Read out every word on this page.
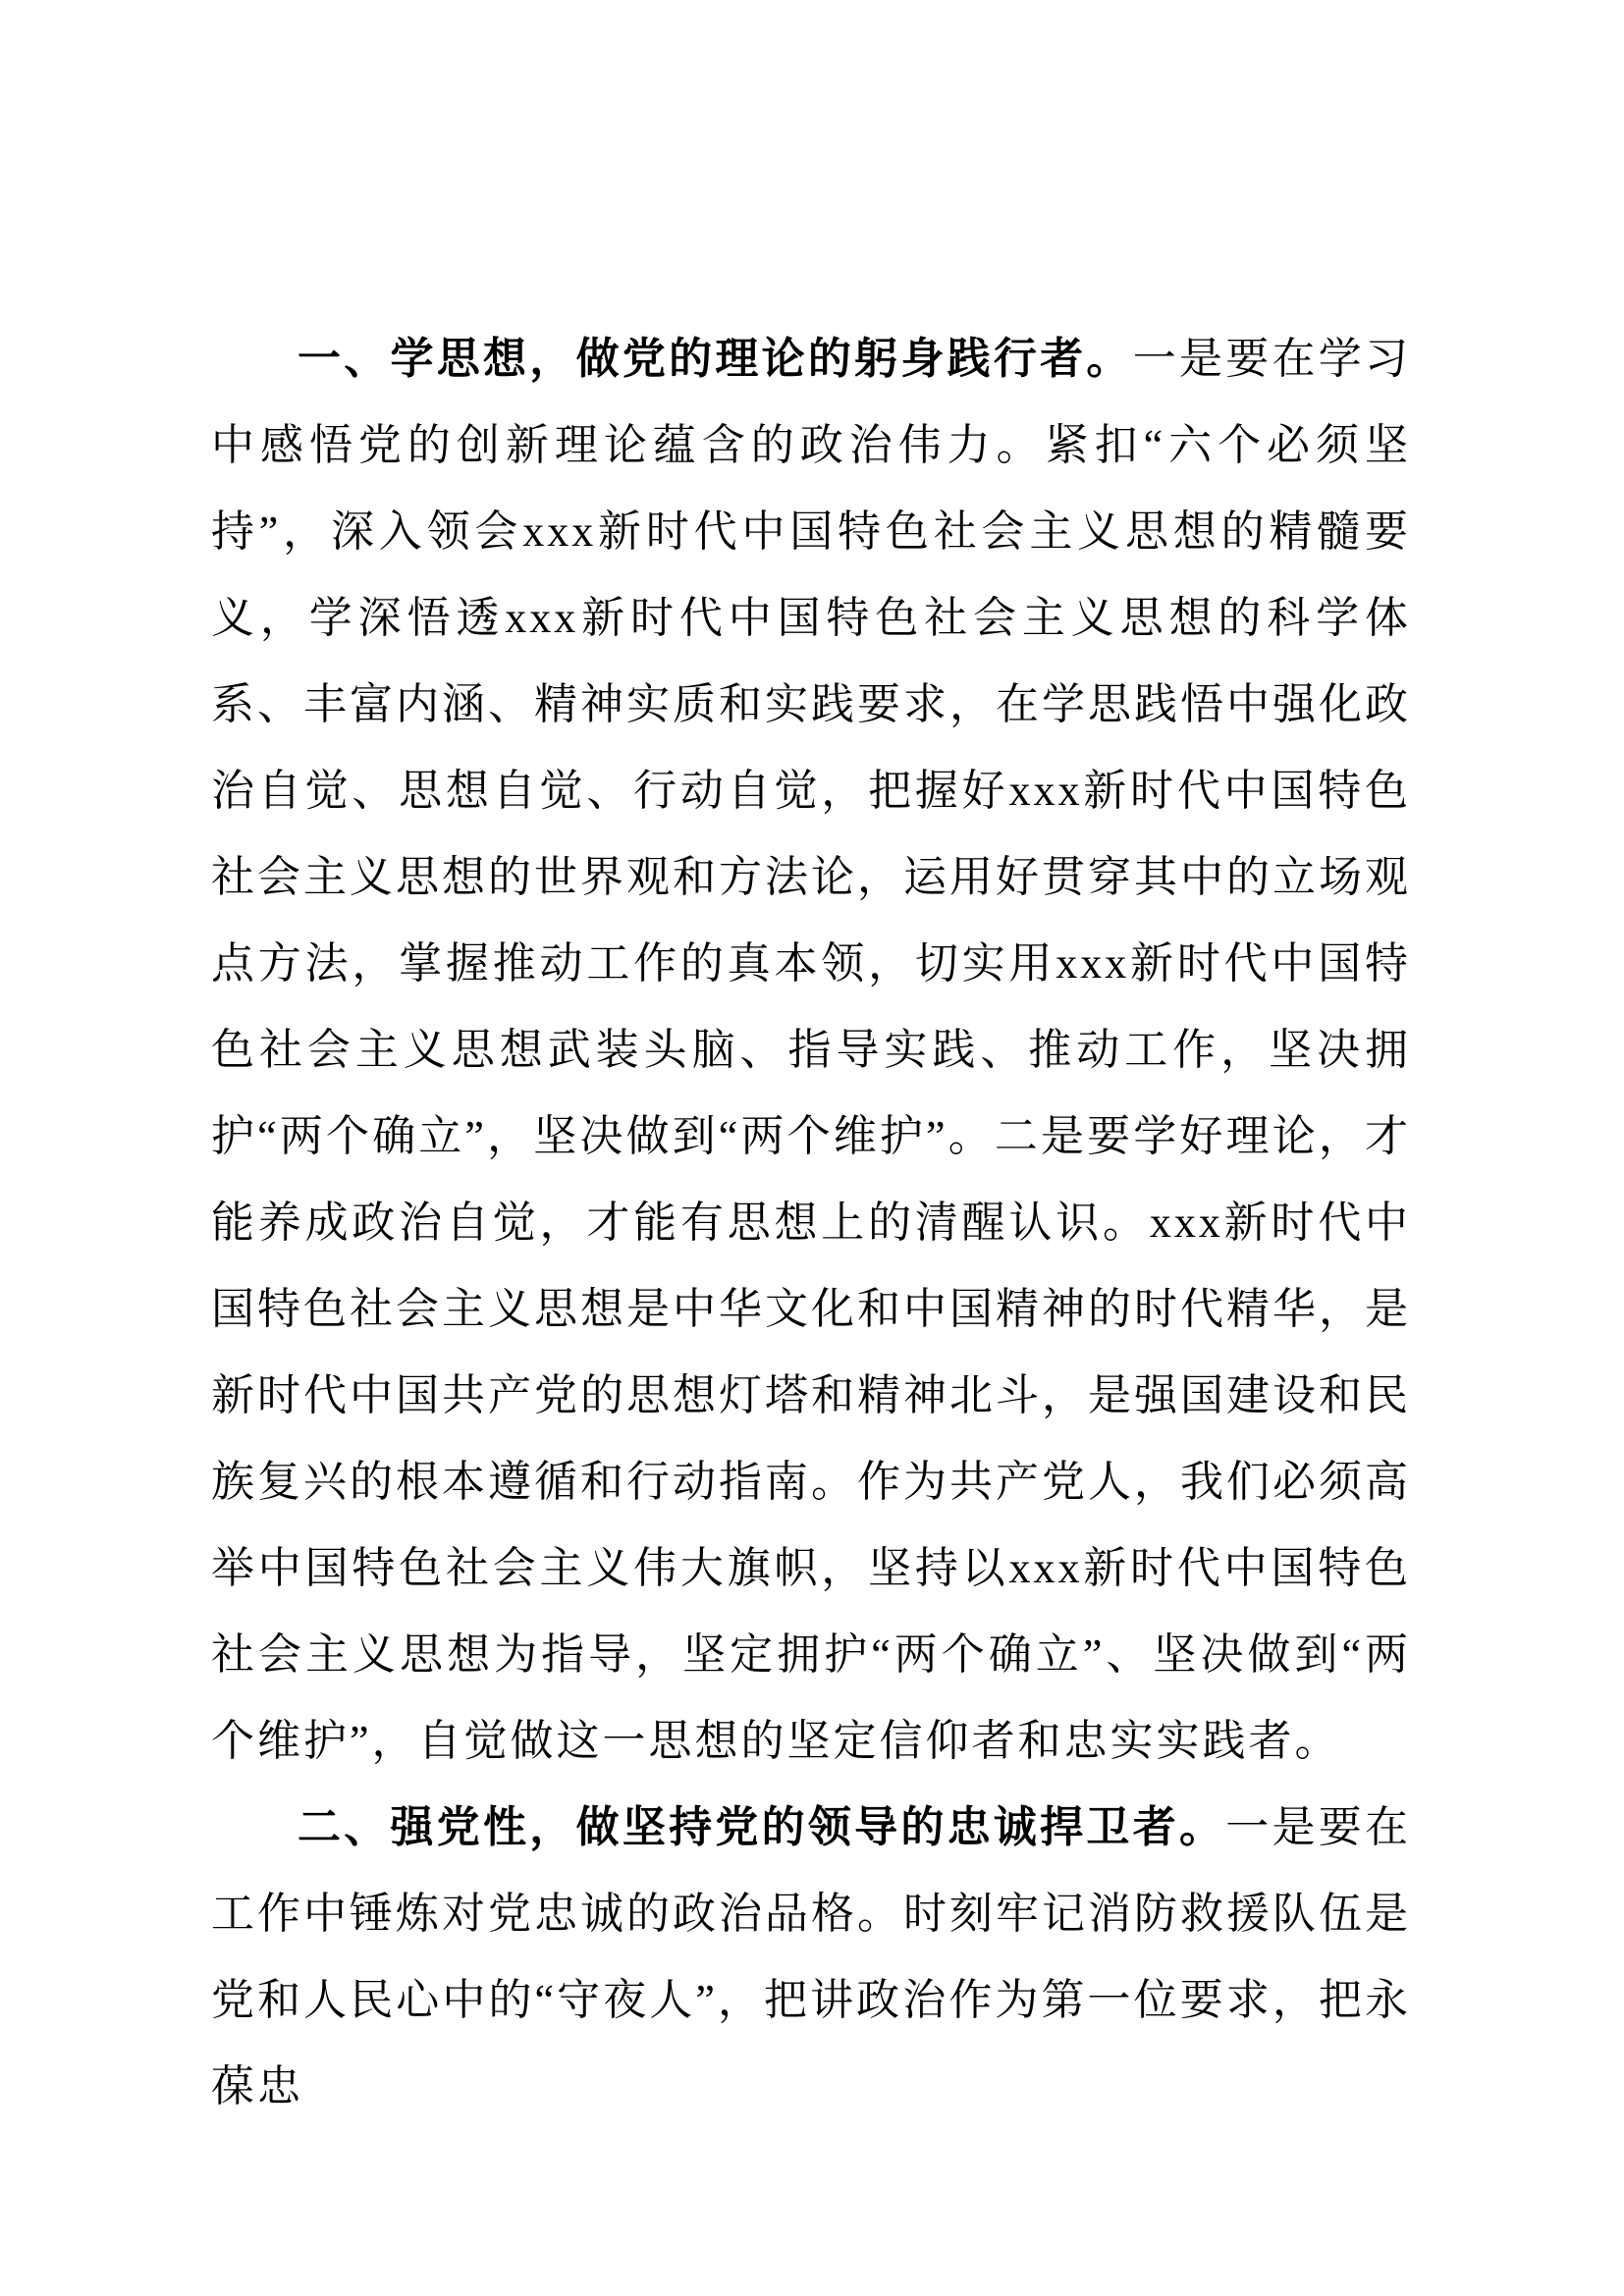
一、学思想，做党的理论的躬身践行者。一是要在学习中感悟党的创新理论蕴含的政治伟力。紧扣“六个必须坚持”，深入领会xxx新时代中国特色社会主义思想的精髓要义，学深悟透xxx新时代中国特色社会主义思想的科学体系、丰富内涵、精神实质和实践要求，在学思践悟中强化政治自觉、思想自觉、行动自觉，把握好xxx新时代中国特色社会主义思想的世界观和方法论，运用好贯穿其中的立场观点方法，掌握推动工作的真本领，切实用xxx新时代中国特色社会主义思想武装头脑、指导实践、推动工作，坚决拥护“两个确立”，坚决做到“两个维护”。二是要学好理论，才能养成政治自觉，才能有思想上的清醒认识。xxx新时代中国特色社会主义思想是中华文化和中国精神的时代精华，是新时代中国共产党的思想灯塔和精神北斗，是强国建设和民族复兴的根本遵循和行动指南。作为共产党人，我们必须高举中国特色社会主义伟大旗帜，坚持以xxx新时代中国特色社会主义思想为指导，坚定拥护“两个确立”、坚决做到“两个维护”，自觉做这一思想的坚定信仰者和忠实实践者。

二、强党性，做坚持党的领导的忠诚捍卫者。一是要在工作中锤炼对党忠诚的政治品格。时刻牢记消防救援队伍是党和人民心中的“守夜人”，把讲政治作为第一位要求，把永葆忠
